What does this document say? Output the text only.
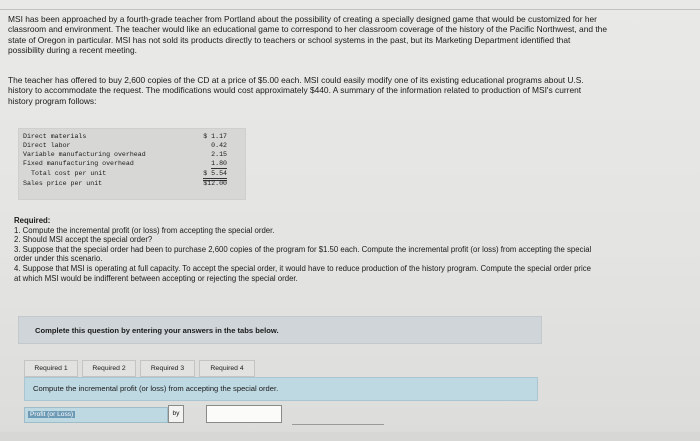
MSI has been approached by a fourth-grade teacher from Portland about the possibility of creating a specially designed game that would be customized for her classroom and environment. The teacher would like an educational game to correspond to her classroom coverage of the history of the Pacific Northwest, and the state of Oregon in particular. MSI has not sold its products directly to teachers or school systems in the past, but its Marketing Department identified that possibility during a recent meeting.
The teacher has offered to buy 2,600 copies of the CD at a price of $5.00 each. MSI could easily modify one of its existing educational programs about U.S. history to accommodate the request. The modifications would cost approximately $440. A summary of the information related to production of MSI's current history program follows:
Direct materials	$ 1.17
Direct labor	0.42
Variable manufacturing overhead	2.15
Fixed manufacturing overhead	1.80
Total cost per unit	$ 5.54
Sales price per unit	$12.00
Required:
1. Compute the incremental profit (or loss) from accepting the special order.
2. Should MSI accept the special order?
3. Suppose that the special order had been to purchase 2,600 copies of the program for $1.50 each. Compute the incremental profit (or loss) from accepting the special order under this scenario.
4. Suppose that MSI is operating at full capacity. To accept the special order, it would have to reduce production of the history program. Compute the special order price at which MSI would be indifferent between accepting or rejecting the special order.
Complete this question by entering your answers in the tabs below.
Required 1	Required 2	Required 3	Required 4
Compute the incremental profit (or loss) from accepting the special order.
Profit (or Loss)	by
